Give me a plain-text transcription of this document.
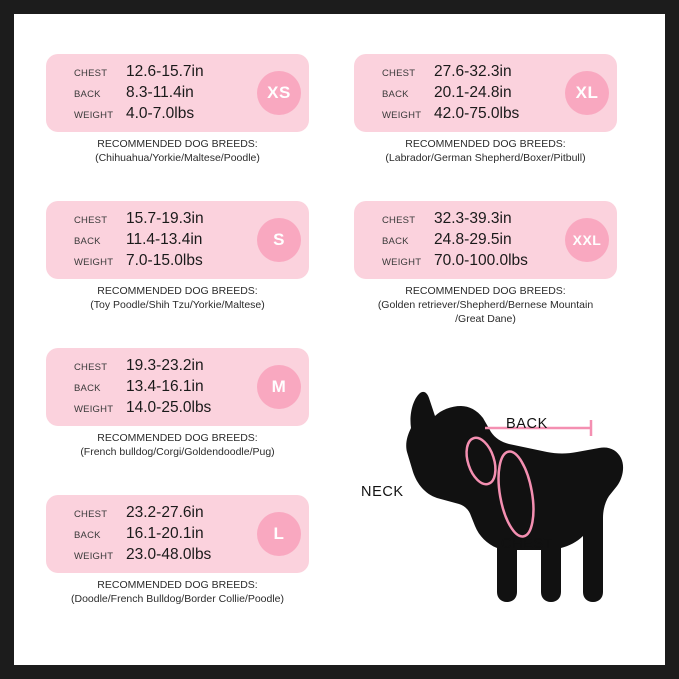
CHEST	12.6-15.7in
BACK	8.3-11.4in
WEIGHT 4.0-7.0lbs
XS
RECOMMENDED DOG BREEDS:
(Chihuahua/Yorkie/Maltese/Poodle)
CHEST	15.7-19.3in
BACK	11.4-13.4in
WEIGHT 7.0-15.0lbs
S
RECOMMENDED DOG BREEDS:
(Toy Poodle/Shih Tzu/Yorkie/Maltese)
CHEST	19.3-23.2in
BACK	13.4-16.1in
WEIGHT 14.0-25.0lbs
M
RECOMMENDED DOG BREEDS:
(French bulldog/Corgi/Goldendoodle/Pug)
CHEST	23.2-27.6in
BACK	16.1-20.1in
WEIGHT 23.0-48.0lbs
L
RECOMMENDED DOG BREEDS:
(Doodle/French Bulldog/Border Collie/Poodle)
CHEST	27.6-32.3in
BACK	20.1-24.8in
WEIGHT 42.0-75.0lbs
XL
RECOMMENDED DOG BREEDS:
(Labrador/German Shepherd/Boxer/Pitbull)
CHEST	32.3-39.3in
BACK	24.8-29.5in
WEIGHT 70.0-100.0lbs
XXL
RECOMMENDED DOG BREEDS:
(Golden retriever/Shepherd/Bernese Mountain
/Great Dane)
BACK
NECK
CHEST
